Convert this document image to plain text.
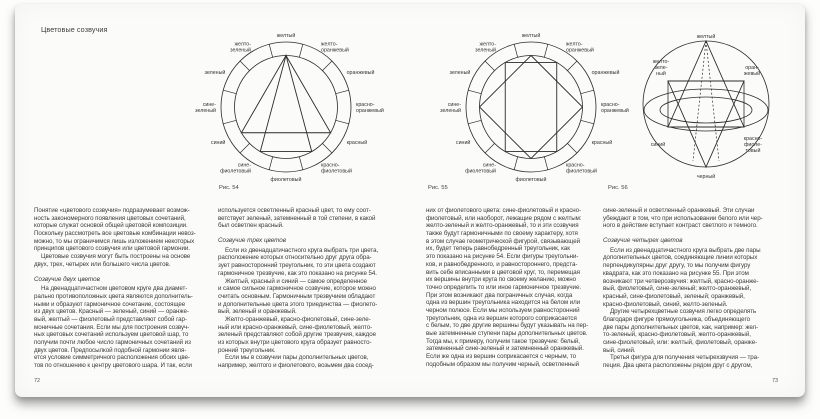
Цветовые созвучия
желтый
желто-оранжевый
оранжевый
красно-оранжевый
красный
красно-фиолетовый
фиолетовый
сине-фиолетовый
синий
сине-зеленый
зеленый
желто-зеленый
желтый
желто-оранжевый
оранжевый
красно-оранжевый
красный
красно-фиолетовый
фиолетовый
сине-фиолетовый
синий
сине-зеленый
зеленый
желто-зеленый
желтый
желто-зеле-ный
оран-жевый
синий
красно-фиоле-товый
черный
Рис. 54	Рис. 55	Рис. 56
Понятие «цветового созвучия» подразумевает возмож-
ность закономерного появления цветовых сочетаний,
которые служат основой общей цветовой композиции.
Поскольку рассмотреть все цветовые комбинации невоз-
можно, то мы ограничимся лишь изложением некоторых
принципов цветового созвучия или цветовой гармонии.
Цветовые созвучия могут быть построены на основе
двух, трех, четырех или большего числа цветов.
Созвучие двух цветов
На двенадцатичастном цветовом круге два диамет-
рально противоположных цвета являются дополнитель-
ными и образуют гармоничное сочетание, состоящее
из двух цветов. Красный — зеленый, синий — оранже-
вый, желтый — фиолетовый представляют собой гар-
моничные сочетания. Если мы для построения созвуч-
ных цветовых сочетаний используем цветовой шар, то
получим почти любое число гармоничных сочетаний из
двух цветов. Предпосылкой подобной гармонии явля-
ется условие симметричного расположения обоих цве-
тов по отношению к центру цветового шара. И так, если
используется осветленный красный цвет, то ему соот-
ветствует зеленый, затемненный в той степени, в какой
был осветлен красный.
Созвучие трех цветов
Если из двенадцатичастного круга выбрать три цвета,
расположение которых относительно друг друга обра-
зует равносторонний треугольник, то эти цвета создают
гармоничное трезвучие, как это показано на рисунке 54.
Желтый, красный и синий — самое определенное
и самое сильное гармоничное созвучие, которое можно
считать основным. Гармоничным трезвучием обладают
и дополнительные цвета этого триединства — фиолето-
вый, зеленый и оранжевый.
Желто-оранжевый, красно-фиолетовый, сине-зеле-
ный или красно-оранжевый, сине-фиолетовый, желто-
зеленый представляют собой другие трезвучия, каждое
из которых внутри цветового круга образует равносто-
ронний треугольник.
Если мы в созвучии пары дополнительных цветов,
например, желтого и фиолетового, возьмем два сосед-
них от фиолетового цвета: сине-фиолетовый и красно-
фиолетовый, или наоборот, лежащие рядом с желтым:
желто-зеленый и желто-оранжевый, то и эти созвучия
также будут гармоничными по своему характеру, хотя
в этом случае геометрической фигурой, связывающей
их, будет теперь равнобедренный треугольник, как
это показано на рисунке 54. Если фигуры треугольни-
ков, и равнобедренного, и равностороннего, предста-
вить себе вписанными в цветовой круг, то, перемещая
их вершины внутри круга по своему желанию, можно
точно определить то или иное гармоничное трезвучие.
При этом возникают два пограничных случая, когда
одна из вершин треугольника находится на белом или
черном полюсе. Если мы используем равносторонний
треугольник, одна из вершин которого соприкасается
с белым, то две другие вершины будут указывать на пер-
вые затемненные ступени пары дополнительных цветов.
Тогда мы, к примеру, получим такое трезвучие: белый,
затемненный сине-зеленый и затемненный оранжевый.
Если же одна из вершин соприкасается с черным, то
подобным образом мы получим черный, осветленный
сине-зеленый и осветленный оранжевый. Эти случаи
убеждают в том, что при использовании белого или чер-
ного в действие вступает контраст светлого и темного.
Созвучие четырех цветов
Если из двенадцатичастного круга выбрать две пары
дополнительных цветов, соединяющие линии которых
перпендикулярны друг другу, то мы получим фигуру
квадрата, как это показано на рисунке 55. При этом
возникают три четверозвучия: желтый, красно-оранже-
вый, фиолетовый, сине-зеленый; желто-оранжевый,
красный, сине-фиолетовый, зеленый; оранжевый,
красно-фиолетовый, синий, желто-зеленый.
Другие четырехцветные созвучия легко определять
благодаря фигуре прямоугольника, объединяющего
две пары дополнительных цветов, как, например: жел-
то-зеленый, красно-фиолетовый, желто-оранжевый,
сине-фиолетовый, или: желтый, фиолетовый, оранже-
вый, синий.
Третья фигура для получения четырехзвучия — тра-
пеция. Два цвета расположены рядом друг с другом,
72	73
